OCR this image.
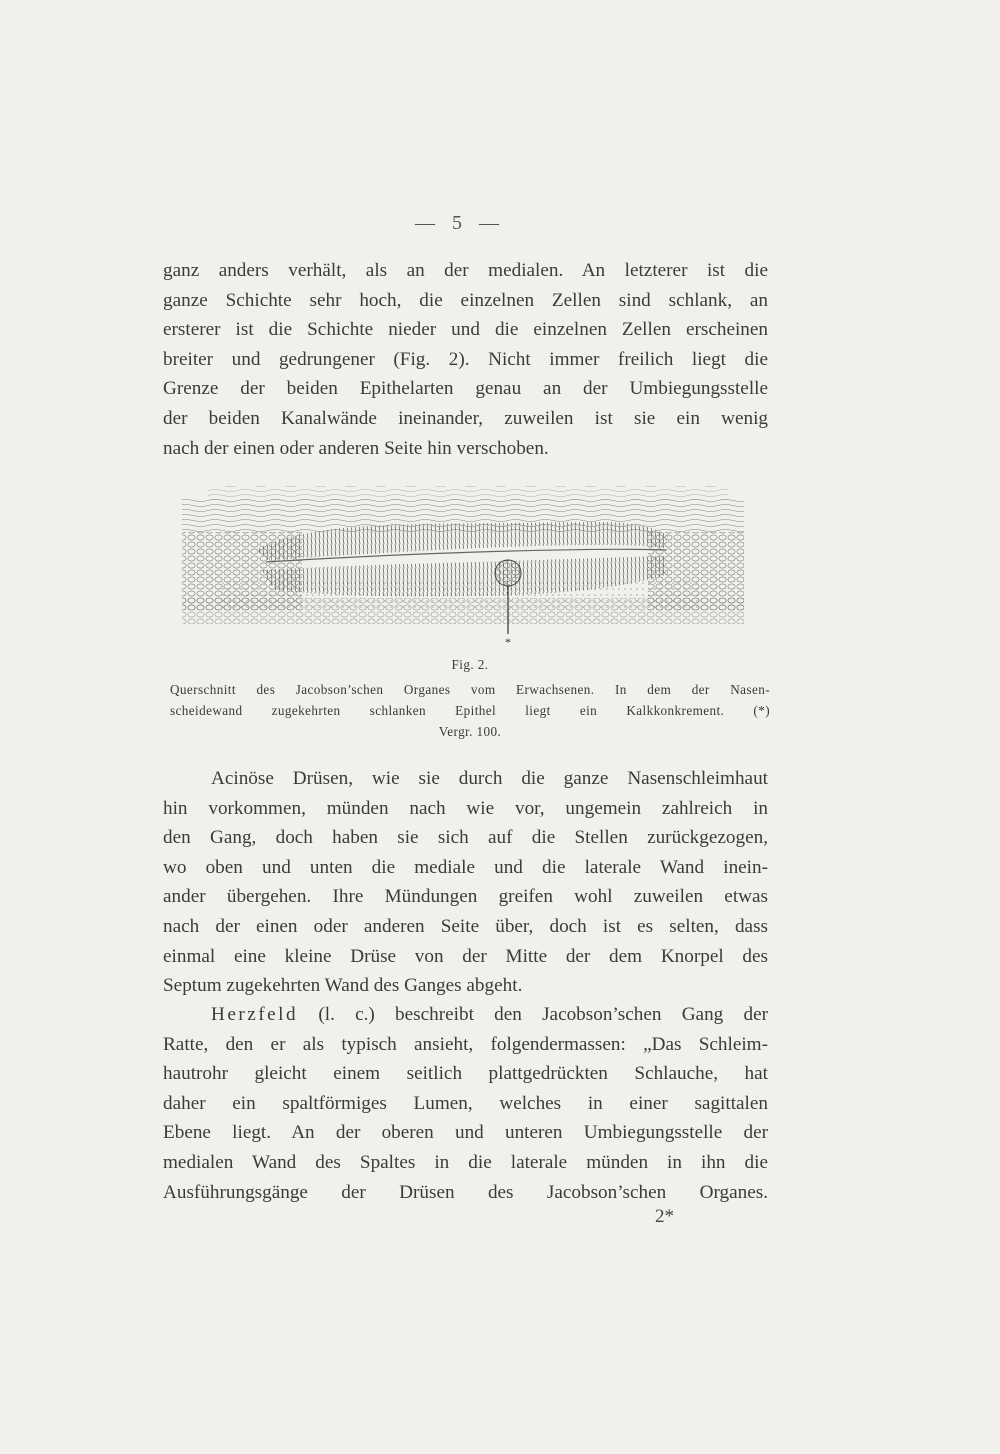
— 5 —
ganz anders verhält, als an der medialen. An letzterer ist die
ganze Schichte sehr hoch, die einzelnen Zellen sind schlank, an
ersterer ist die Schichte nieder und die einzelnen Zellen erscheinen
breiter und gedrungener (Fig. 2). Nicht immer freilich liegt die
Grenze der beiden Epithelarten genau an der Umbiegungsstelle
der beiden Kanalwände ineinander, zuweilen ist sie ein wenig
nach der einen oder anderen Seite hin verschoben.
*
Fig. 2.
Querschnitt des Jacobson’schen Organes vom Erwachsenen. In dem der Nasen-
scheidewand zugekehrten schlanken Epithel liegt ein Kalkkonkrement. (*)
Vergr. 100.
Acinöse Drüsen, wie sie durch die ganze Nasenschleimhaut
hin vorkommen, münden nach wie vor, ungemein zahlreich in
den Gang, doch haben sie sich auf die Stellen zurückgezogen,
wo oben und unten die mediale und die laterale Wand inein-
ander übergehen. Ihre Mündungen greifen wohl zuweilen etwas
nach der einen oder anderen Seite über, doch ist es selten, dass
einmal eine kleine Drüse von der Mitte der dem Knorpel des
Septum zugekehrten Wand des Ganges abgeht.
Herzfeld (l. c.) beschreibt den Jacobson’schen Gang der
Ratte, den er als typisch ansieht, folgendermassen: „Das Schleim-
hautrohr gleicht einem seitlich plattgedrückten Schlauche, hat
daher ein spaltförmiges Lumen, welches in einer sagittalen
Ebene liegt. An der oberen und unteren Umbiegungsstelle der
medialen Wand des Spaltes in die laterale münden in ihn die
Ausführungsgänge der Drüsen des Jacobson’schen Organes.
2*
